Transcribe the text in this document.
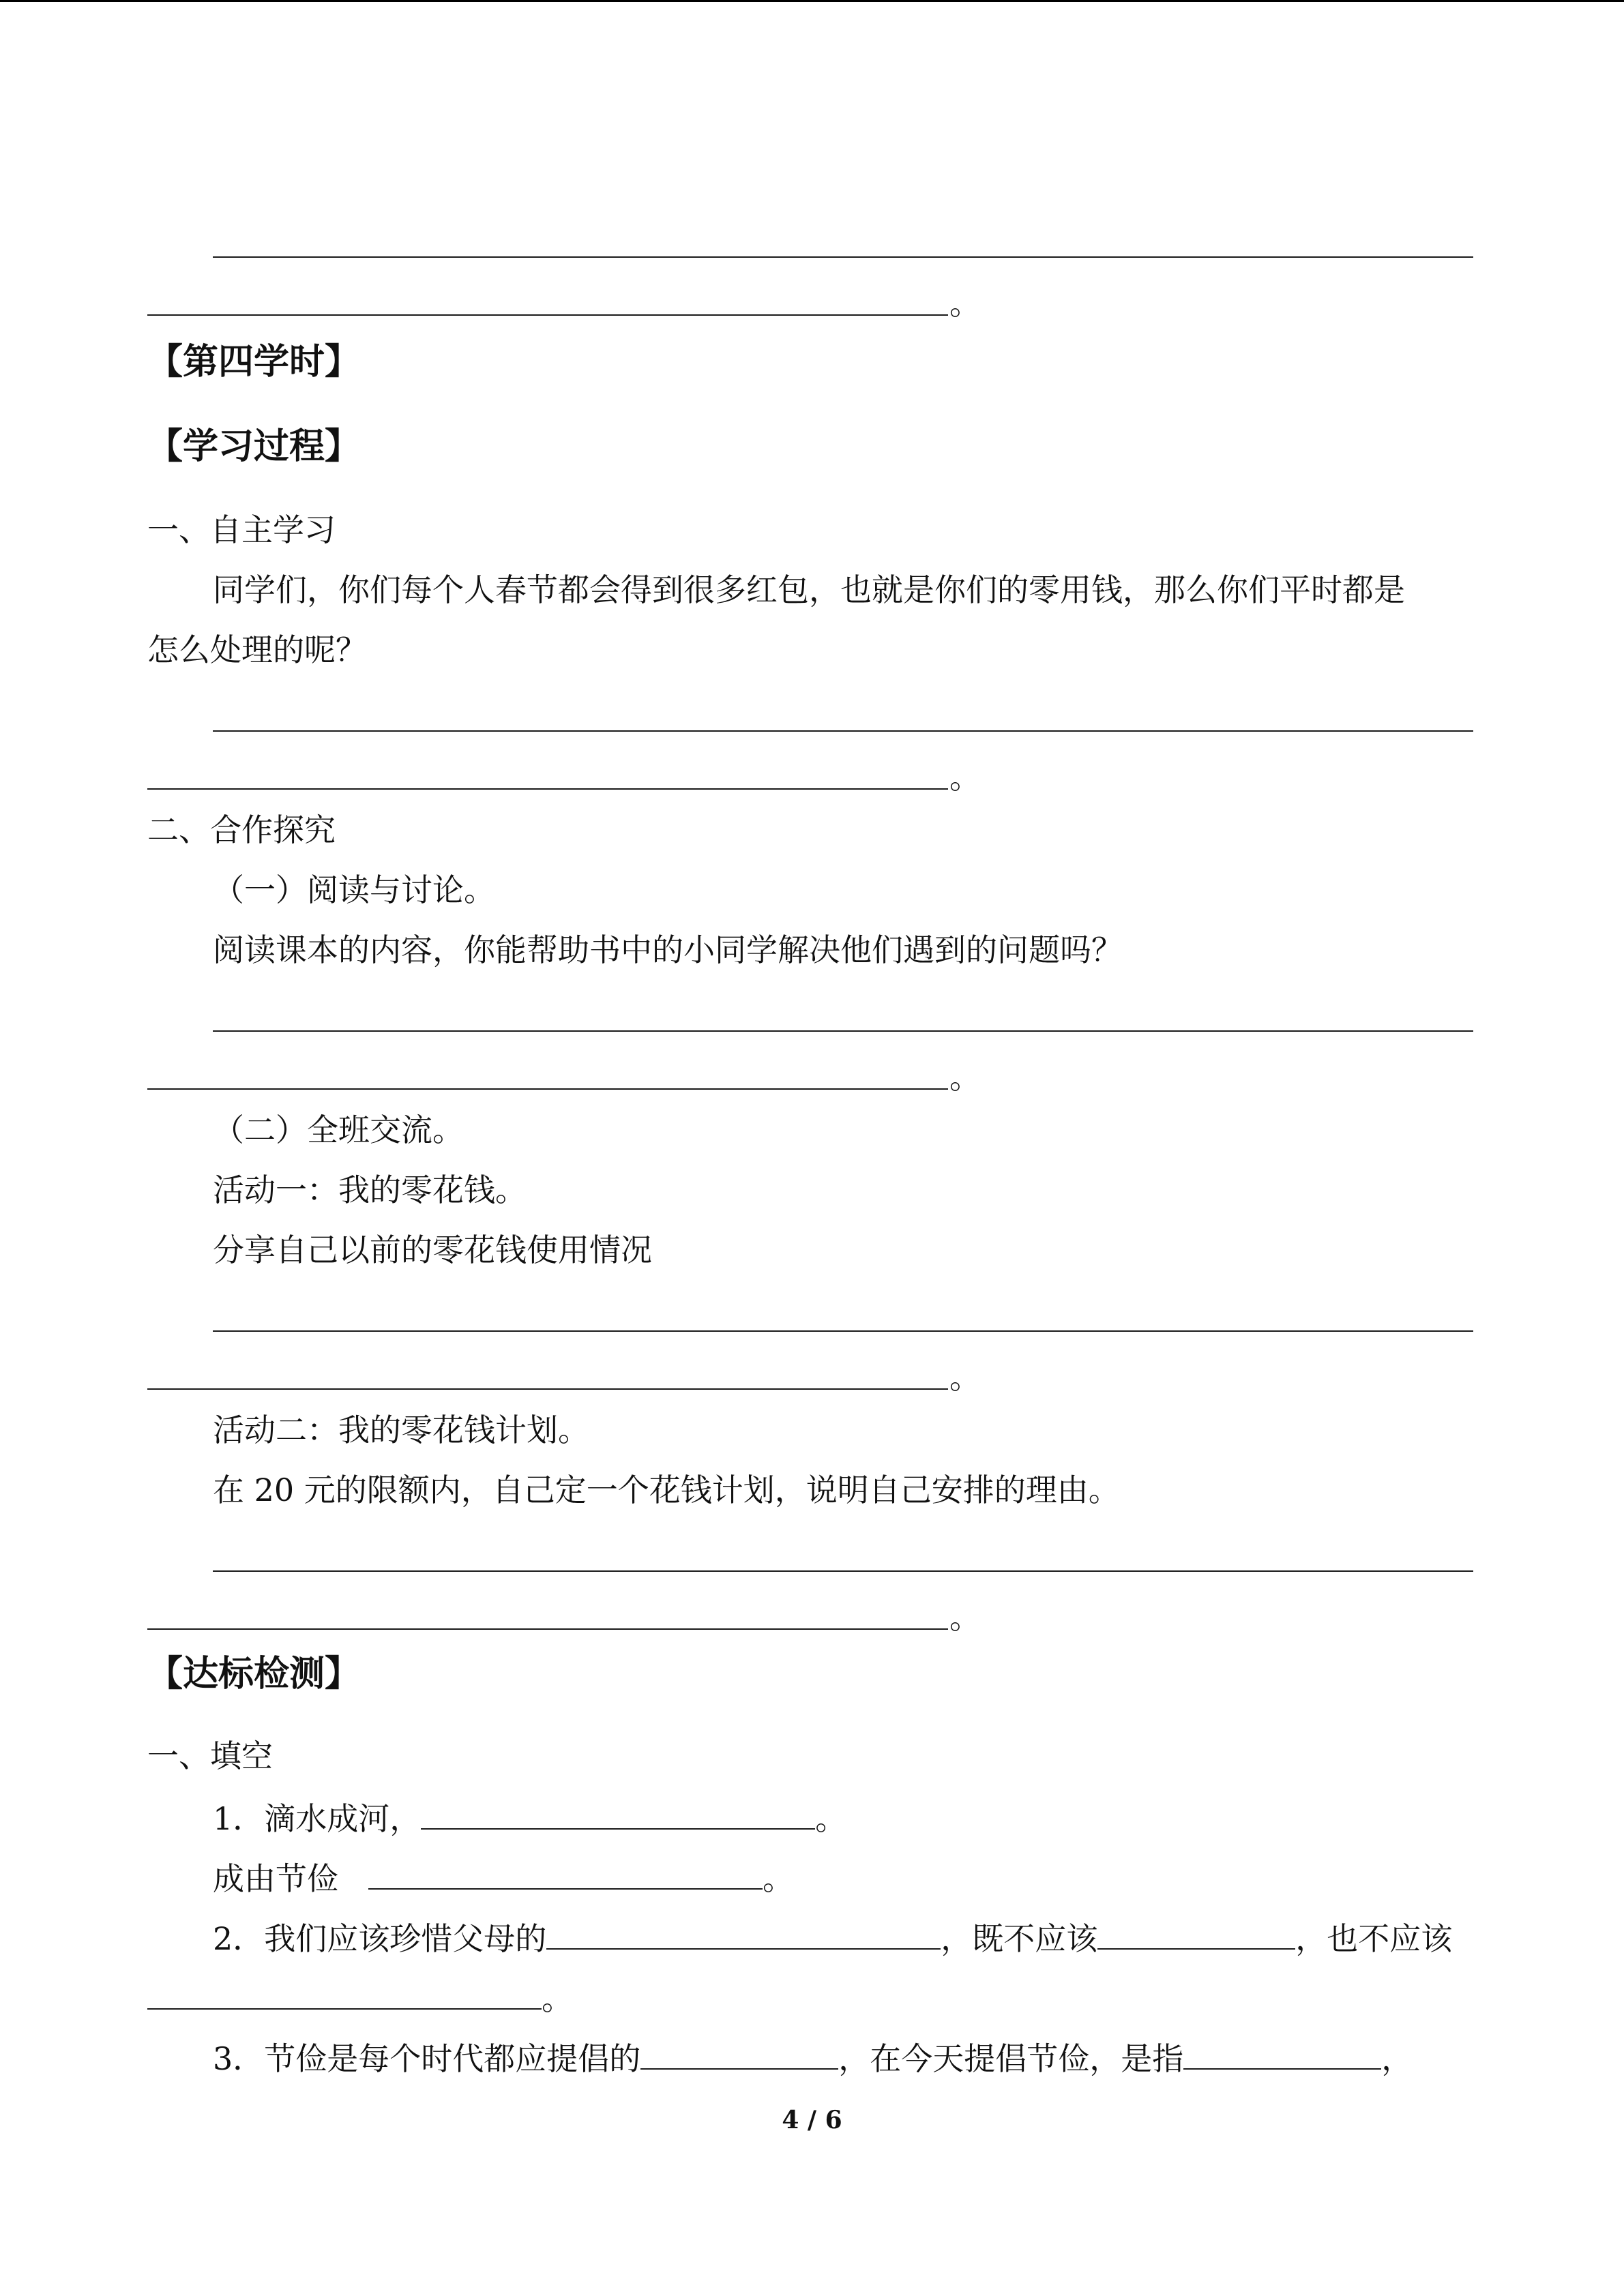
。
【第四学时】
【学习过程】
一、自主学习
同学们，你们每个人春节都会得到很多红包，也就是你们的零用钱，那么你们平时都是
怎么处理的呢？
。
二、合作探究
（一）阅读与讨论。
阅读课本的内容，你能帮助书中的小同学解决他们遇到的问题吗？
。
（二）全班交流。
活动一：我的零花钱。
分享自己以前的零花钱使用情况
。
活动二：我的零花钱计划。
在 20 元的限额内，自己定一个花钱计划，说明自己安排的理由。
。
【达标检测】
一、填空
1．滴水成河，	。
成由节俭	。
2．我们应该珍惜父母的	，既不应该	，也不应该
。
3．节俭是每个时代都应提倡的	，在今天提倡节俭，是指	，
4 / 6
